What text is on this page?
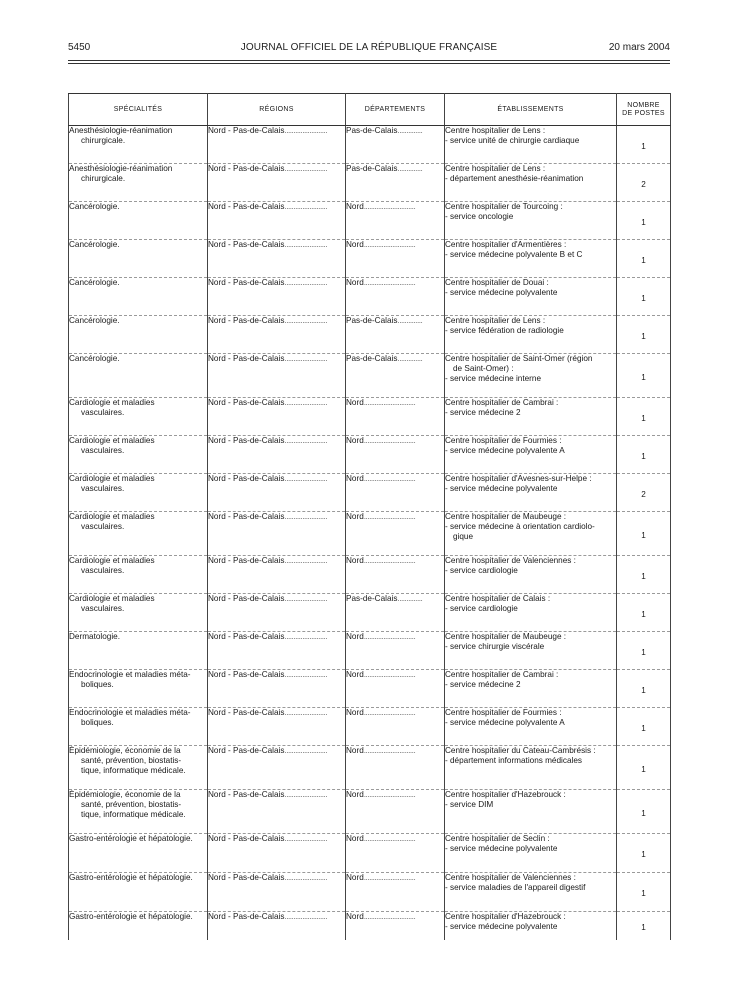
5450	JOURNAL OFFICIEL DE LA RÉPUBLIQUE FRANÇAISE	20 mars 2004
SPÉCIALITÉS	RÉGIONS	DÉPARTEMENTS	ÉTABLISSEMENTS	NOMBRE
DE POSTES

Anesthésiologie-réanimation
chirurgicale.	Nord - Pas-de-Calais........................	Pas-de-Calais..............	Centre hospitalier de Lens :
- service unité de chirurgie cardiaque	1

Anesthésiologie-réanimation
chirurgicale.	Nord - Pas-de-Calais........................	Pas-de-Calais..............	Centre hospitalier de Lens :
- département anesthésie-réanimation	2

Cancérologie.	Nord - Pas-de-Calais........................	Nord.............................	Centre hospitalier de Tourcoing :
- service oncologie	1

Cancérologie.	Nord - Pas-de-Calais........................	Nord.............................	Centre hospitalier d'Armentières :
- service médecine polyvalente B et C	1

Cancérologie.	Nord - Pas-de-Calais........................	Nord.............................	Centre hospitalier de Douai :
- service médecine polyvalente	1

Cancérologie.	Nord - Pas-de-Calais........................	Pas-de-Calais..............	Centre hospitalier de Lens :
- service fédération de radiologie	1

Cancérologie.	Nord - Pas-de-Calais........................	Pas-de-Calais..............	Centre hospitalier de Saint-Omer (région
de Saint-Omer) :
- service médecine interne	1

Cardiologie et maladies
vasculaires.	Nord - Pas-de-Calais........................	Nord.............................	Centre hospitalier de Cambrai :
- service médecine 2	1

Cardiologie et maladies
vasculaires.	Nord - Pas-de-Calais........................	Nord.............................	Centre hospitalier de Fourmies :
- service médecine polyvalente A	1

Cardiologie et maladies
vasculaires.	Nord - Pas-de-Calais........................	Nord.............................	Centre hospitalier d'Avesnes-sur-Helpe :
- service médecine polyvalente	2

Cardiologie et maladies
vasculaires.	Nord - Pas-de-Calais........................	Nord.............................	Centre hospitalier de Maubeuge :
- service médecine à orientation cardiolo-
gique	1

Cardiologie et maladies
vasculaires.	Nord - Pas-de-Calais........................	Nord.............................	Centre hospitalier de Valenciennes :
- service cardiologie	1

Cardiologie et maladies
vasculaires.	Nord - Pas-de-Calais........................	Pas-de-Calais..............	Centre hospitalier de Calais :
- service cardiologie	1

Dermatologie.	Nord - Pas-de-Calais........................	Nord.............................	Centre hospitalier de Maubeuge :
- service chirurgie viscérale	1

Endocrinologie et maladies méta-
boliques.	Nord - Pas-de-Calais........................	Nord.............................	Centre hospitalier de Cambrai :
- service médecine 2	1

Endocrinologie et maladies méta-
boliques.	Nord - Pas-de-Calais........................	Nord.............................	Centre hospitalier de Fourmies :
- service médecine polyvalente A	1

Épidémiologie, économie de la
santé, prévention, biostatis-
tique, informatique médicale.	Nord - Pas-de-Calais........................	Nord.............................	Centre hospitalier du Cateau-Cambrésis :
- département informations médicales	1

Épidémiologie, économie de la
santé, prévention, biostatis-
tique, informatique médicale.	Nord - Pas-de-Calais........................	Nord.............................	Centre hospitalier d'Hazebrouck :
- service DIM	1

Gastro-entérologie et hépatologie.	Nord - Pas-de-Calais........................	Nord.............................	Centre hospitalier de Seclin :
- service médecine polyvalente	1

Gastro-entérologie et hépatologie.	Nord - Pas-de-Calais........................	Nord.............................	Centre hospitalier de Valenciennes :
- service maladies de l'appareil digestif	1

Gastro-entérologie et hépatologie.	Nord - Pas-de-Calais........................	Nord.............................	Centre hospitalier d'Hazebrouck :
- service médecine polyvalente	1
